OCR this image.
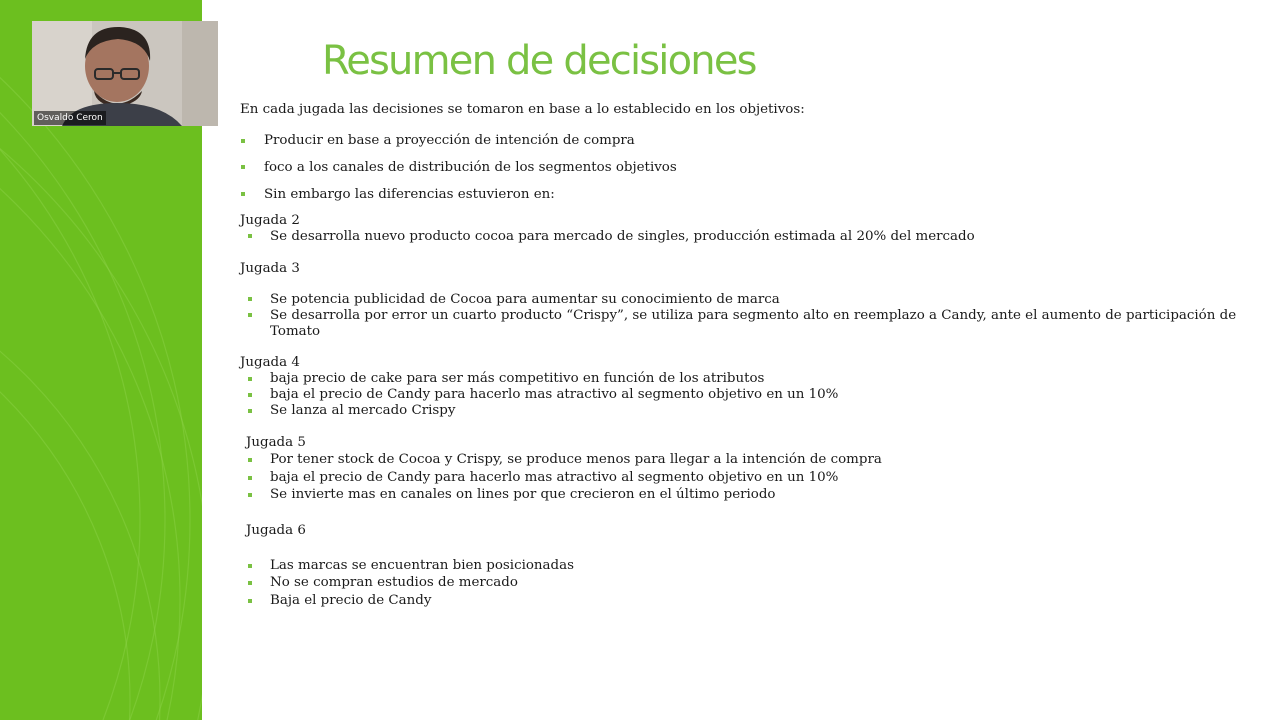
Osvaldo Ceron
Resumen de decisiones
En cada jugada las decisiones se tomaron en base a lo establecido en los objetivos:
Producir en base a proyección de intención de compra
foco a los canales de distribución de los segmentos objetivos
Sin embargo las diferencias estuvieron en:
Jugada 2
Se desarrolla nuevo producto cocoa para mercado de singles, producción estimada al 20% del mercado
Jugada 3
Se potencia publicidad de Cocoa para aumentar su conocimiento de marca
Se desarrolla por error un cuarto producto “Crispy”, se utiliza para segmento alto en reemplazo a Candy, ante el aumento de participación de Tomato
Jugada 4
baja precio de cake para ser más competitivo en función de los atributos
baja el precio de Candy para hacerlo mas atractivo al segmento objetivo en un 10%
Se lanza al mercado Crispy
Jugada 5
Por tener stock de Cocoa y Crispy, se produce menos para llegar a la intención de compra
baja el precio de Candy para hacerlo mas atractivo al segmento objetivo en un 10%
Se invierte mas en canales on lines por que crecieron en el último periodo
Jugada 6
Las marcas se encuentran bien posicionadas
No se compran estudios de mercado
Baja el precio de Candy
